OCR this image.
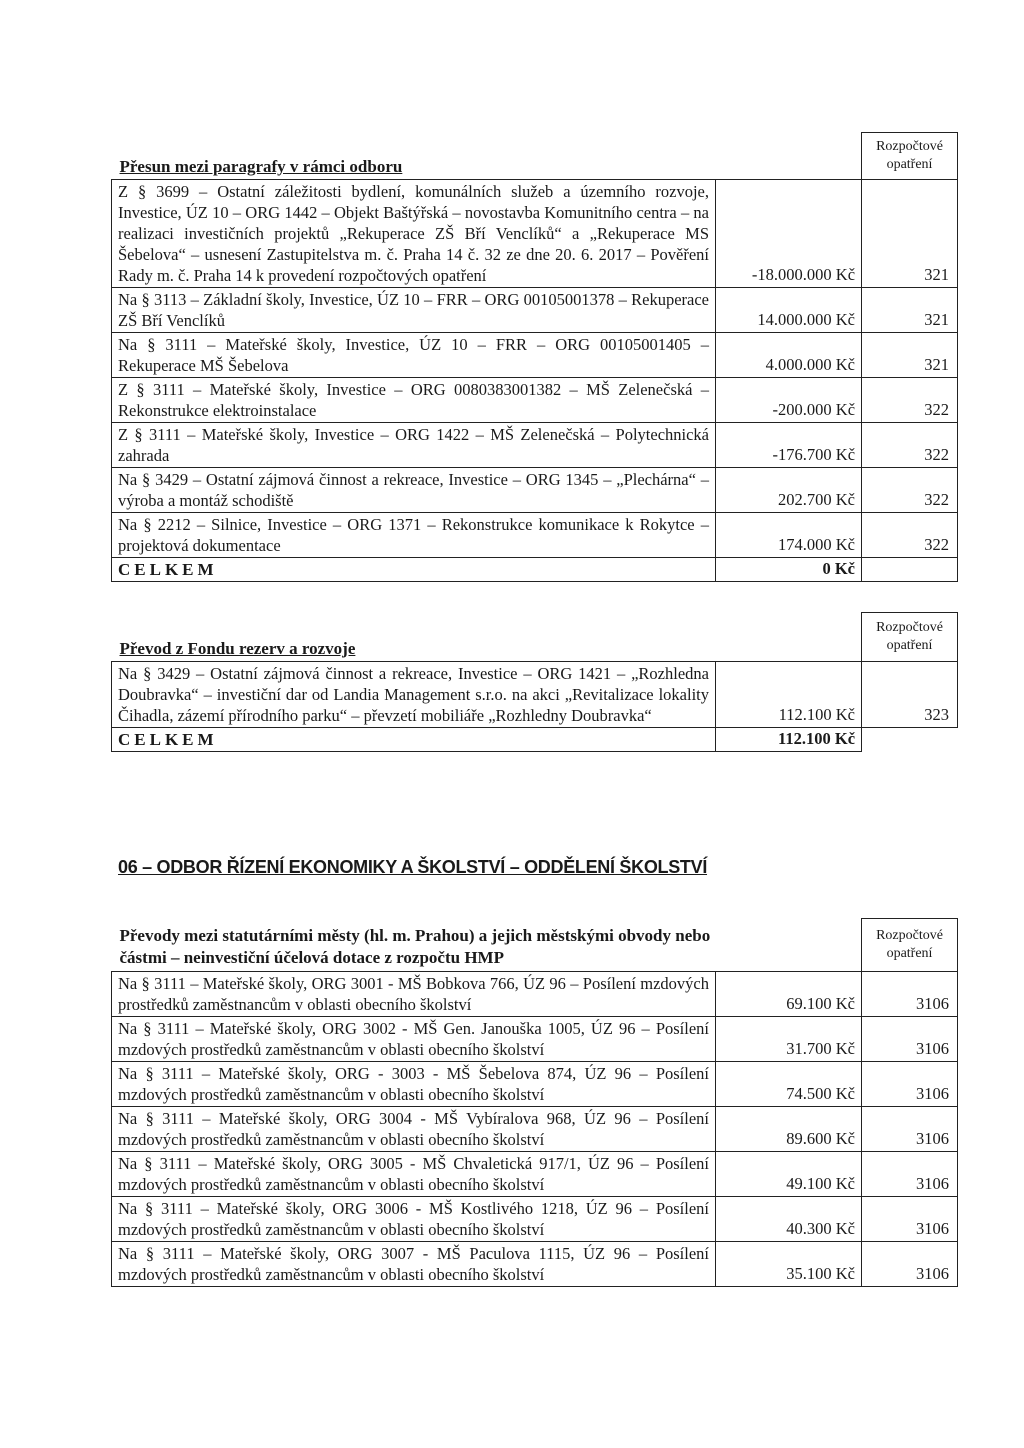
Přesun mezi paragrafy v rámci odboru		Rozpočtové opatření
Z § 3699 – Ostatní záležitosti bydlení, komunálních služeb a územního rozvoje, Investice, ÚZ 10 – ORG 1442 – Objekt Baštýřská – novostavba Komunitního centra – na realizaci investičních projektů „Rekuperace ZŠ Bří Venclíků“ a „Rekuperace MS Šebelova“ – usnesení Zastupitelstva m. č. Praha 14 č. 32 ze dne 20. 6. 2017 – Pověření Rady m. č. Praha 14 k provedení rozpočtových opatření	-18.000.000 Kč	321
Na § 3113 – Základní školy, Investice, ÚZ 10 – FRR – ORG 00105001378 – Rekuperace ZŠ Bří Venclíků	14.000.000 Kč	321
Na § 3111 – Mateřské školy, Investice, ÚZ 10 – FRR – ORG 00105001405 – Rekuperace MŠ Šebelova	4.000.000 Kč	321
Z § 3111 – Mateřské školy, Investice – ORG 0080383001382 – MŠ Zelenečská – Rekonstrukce elektroinstalace	-200.000 Kč	322
Z § 3111 – Mateřské školy, Investice – ORG 1422 – MŠ Zelenečská – Polytechnická zahrada	-176.700 Kč	322
Na § 3429 – Ostatní zájmová činnost a rekreace, Investice – ORG 1345 – „Plechárna“ – výroba a montáž schodiště	202.700 Kč	322
Na § 2212 – Silnice, Investice – ORG 1371 – Rekonstrukce komunikace k Rokytce – projektová dokumentace	174.000 Kč	322
CELKEM	0 Kč	
Převod z Fondu rezerv a rozvoje		Rozpočtové opatření
Na § 3429 – Ostatní zájmová činnost a rekreace, Investice – ORG 1421 – „Rozhledna Doubravka“ – investiční dar od Landia Management s.r.o. na akci „Revitalizace lokality Čihadla, zázemí přírodního parku“ – převzetí mobiliáře „Rozhledny Doubravka“	112.100 Kč	323
CELKEM	112.100 Kč	
06 – ODBOR ŘÍZENÍ EKONOMIKY A ŠKOLSTVÍ – ODDĚLENÍ ŠKOLSTVÍ
Převody mezi statutárními městy (hl. m. Prahou) a jejich městskými obvody nebo částmi – neinvestiční účelová dotace z rozpočtu HMP		Rozpočtové opatření
Na § 3111 – Mateřské školy, ORG 3001 - MŠ Bobkova 766, ÚZ 96 – Posílení mzdových prostředků zaměstnancům v oblasti obecního školství	69.100 Kč	3106
Na § 3111 – Mateřské školy, ORG 3002 - MŠ Gen. Janouška 1005, ÚZ 96 – Posílení mzdových prostředků zaměstnancům v oblasti obecního školství	31.700 Kč	3106
Na § 3111 – Mateřské školy, ORG - 3003 - MŠ Šebelova 874, ÚZ 96 – Posílení mzdových prostředků zaměstnancům v oblasti obecního školství	74.500 Kč	3106
Na § 3111 – Mateřské školy, ORG 3004 - MŠ Vybíralova 968, ÚZ 96 – Posílení mzdových prostředků zaměstnancům v oblasti obecního školství	89.600 Kč	3106
Na § 3111 – Mateřské školy, ORG 3005 - MŠ Chvaletická 917/1, ÚZ 96 – Posílení mzdových prostředků zaměstnancům v oblasti obecního školství	49.100 Kč	3106
Na § 3111 – Mateřské školy, ORG 3006 - MŠ Kostlivého 1218, ÚZ 96 – Posílení mzdových prostředků zaměstnancům v oblasti obecního školství	40.300 Kč	3106
Na § 3111 – Mateřské školy, ORG 3007 - MŠ Paculova 1115, ÚZ 96 – Posílení mzdových prostředků zaměstnancům v oblasti obecního školství	35.100 Kč	3106
